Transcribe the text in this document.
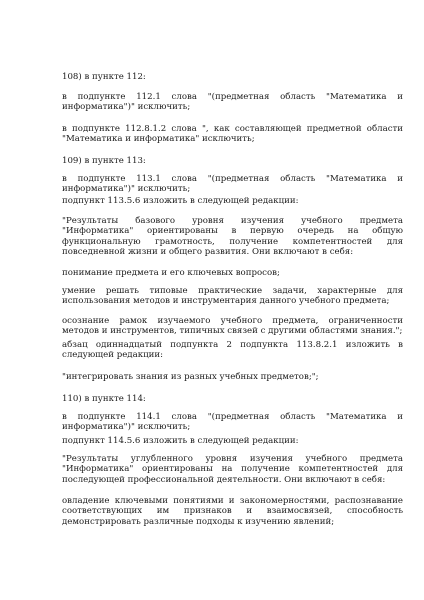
108) в пункте 112:

в подпункте 112.1 слова "(предметная область "Математика и информатика")" исключить;

в подпункте 112.8.1.2 слова ", как составляющей предметной области "Математика и информатика" исключить;

109) в пункте 113:

в подпункте 113.1 слова "(предметная область "Математика и информатика")" исключить;

подпункт 113.5.6 изложить в следующей редакции:

"Результаты базового уровня изучения учебного предмета "Информатика" ориентированы в первую очередь на общую функциональную грамотность, получение компетентностей для повседневной жизни и общего развития. Они включают в себя:

понимание предмета и его ключевых вопросов;

умение решать типовые практические задачи, характерные для использования методов и инструментария данного учебного предмета;

осознание рамок изучаемого учебного предмета, ограниченности методов и инструментов, типичных связей с другими областями знания.";

абзац одиннадцатый подпункта 2 подпункта 113.8.2.1 изложить в следующей редакции:

"интегрировать знания из разных учебных предметов;";

110) в пункте 114:

в подпункте 114.1 слова "(предметная область "Математика и информатика")" исключить;

подпункт 114.5.6 изложить в следующей редакции:

"Результаты углубленного уровня изучения учебного предмета "Информатика" ориентированы на получение компетентностей для последующей профессиональной деятельности. Они включают в себя:

овладение ключевыми понятиями и закономерностями, распознавание соответствующих им признаков и взаимосвязей, способность демонстрировать различные подходы к изучению явлений;
